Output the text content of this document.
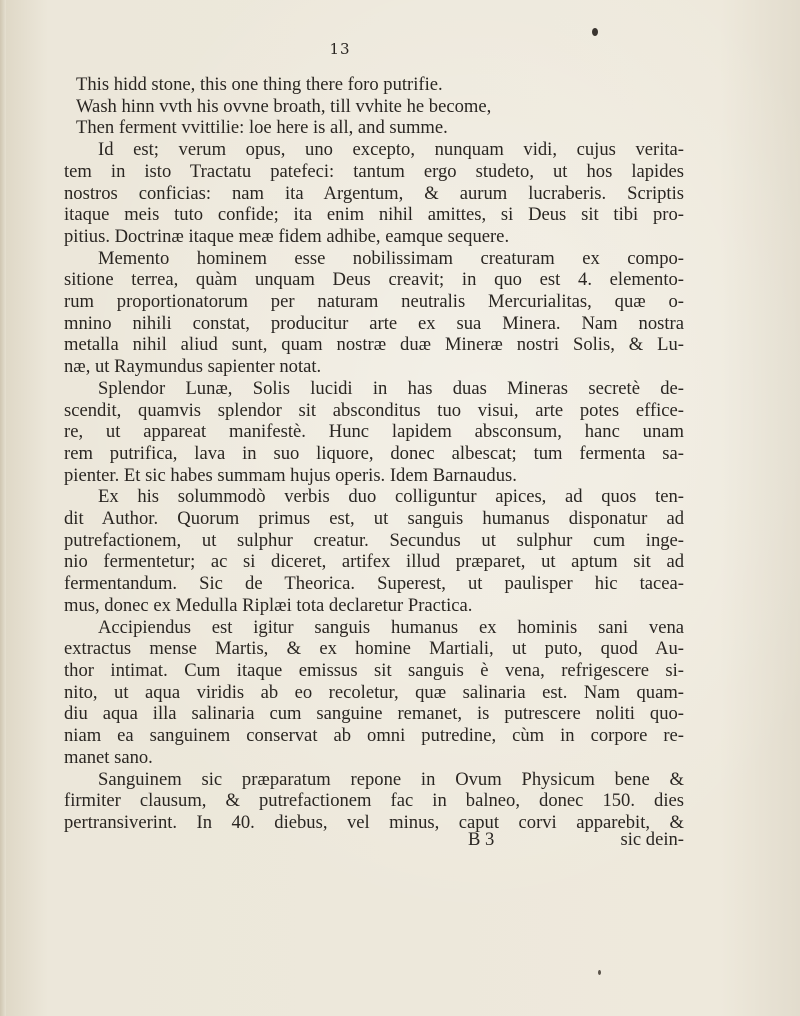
13
This hidd stone, this one thing there foro putrifie.
Wash hinn vvth his ovvne broath, till vvhite he become,
Then ferment vvittilie: loe here is all, and summe.
Id est; verum opus, uno excepto, nunquam vidi, cujus verita-
tem in isto Tractatu patefeci: tantum ergo studeto, ut hos lapides
nostros conficias: nam ita Argentum, & aurum lucraberis. Scriptis
itaque meis tuto confide; ita enim nihil amittes, si Deus sit tibi pro-
pitius. Doctrinæ itaque meæ fidem adhibe, eamque sequere.
Memento hominem esse nobilissimam creaturam ex compo-
sitione terrea, quàm unquam Deus creavit; in quo est 4. elemento-
rum proportionatorum per naturam neutralis Mercurialitas, quæ o-
mnino nihili constat, producitur arte ex sua Minera. Nam nostra
metalla nihil aliud sunt, quam nostræ duæ Mineræ nostri Solis, & Lu-
næ, ut Raymundus sapienter notat.
Splendor Lunæ, Solis lucidi in has duas Mineras secretè de-
scendit, quamvis splendor sit absconditus tuo visui, arte potes effice-
re, ut appareat manifestè. Hunc lapidem absconsum, hanc unam
rem putrifica, lava in suo liquore, donec albescat; tum fermenta sa-
pienter. Et sic habes summam hujus operis. Idem Barnaudus.
Ex his solummodò verbis duo colliguntur apices, ad quos ten-
dit Author. Quorum primus est, ut sanguis humanus disponatur ad
putrefactionem, ut sulphur creatur. Secundus ut sulphur cum inge-
nio fermentetur; ac si diceret, artifex illud præparet, ut aptum sit ad
fermentandum. Sic de Theorica. Superest, ut paulisper hic tacea-
mus, donec ex Medulla Riplæi tota declaretur Practica.
Accipiendus est igitur sanguis humanus ex hominis sani vena
extractus mense Martis, & ex homine Martiali, ut puto, quod Au-
thor intimat. Cum itaque emissus sit sanguis è vena, refrigescere si-
nito, ut aqua viridis ab eo recoletur, quæ salinaria est. Nam quam-
diu aqua illa salinaria cum sanguine remanet, is putrescere noliti quo-
niam ea sanguinem conservat ab omni putredine, cùm in corpore re-
manet sano.
Sanguinem sic præparatum repone in Ovum Physicum bene &
firmiter clausum, & putrefactionem fac in balneo, donec 150. dies
pertransiverint. In 40. diebus, vel minus, caput corvi apparebit, &
B 3	sic dein-
